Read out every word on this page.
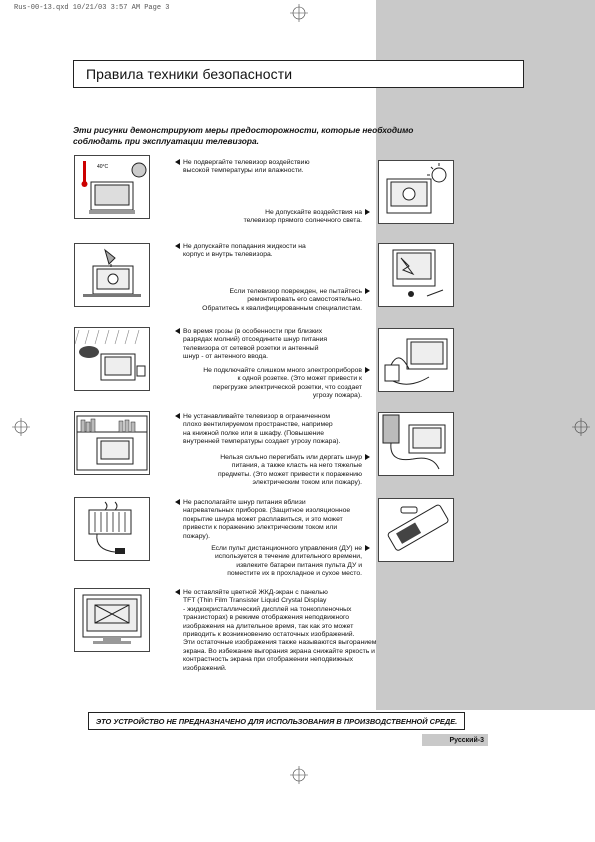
Rus-00-13.qxd 10/21/03 3:57 AM Page 3
Правила техники безопасности
Эти рисунки демонстрируют меры предосторожности, которые необходимо соблюдать при эксплуатации телевизора.
40°C
Не подвергайте телевизор воздействию
высокой температуры или влажности.
Не допускайте воздействия на
телевизор прямого солнечного света.
Не допускайте попадания жидкости на
корпус и внутрь телевизора.
Если телевизор поврежден, не пытайтесь
ремонтировать его самостоятельно.
Обратитесь к квалифицированным специалистам.
Во время грозы (в особенности при близких
разрядах молний) отсоедините шнур питания
телевизора от сетевой розетки и антенный
шнур - от антенного ввода.
Не подключайте слишком много электроприборов
к одной розетке. (Это может привести к
перегрузке электрической розетки, что создает
угрозу пожара).
Не устанавливайте телевизор в ограниченном
плохо вентилируемом пространстве, например
на книжной полке или в шкафу. (Повышение
внутренней температуры создает угрозу пожара).
Нельзя сильно перегибать или дергать шнур
питания, а также класть на него тяжелые
предметы. (Это может привести к поражению
электрическим током или пожару).
Не располагайте шнур питания вблизи
нагревательных приборов. (Защитное изоляционное
покрытие шнура может расплавиться, и это может
привести к поражению электрическим током или
пожару).
Если пульт дистанционного управления (ДУ) не
используется в течение длительного времени,
извлеките батареи питания пульта ДУ и
поместите их в прохладное и сухое место.
Не оставляйте цветной ЖКД-экран с панелью
TFT (Thin Film Transister Liquid Crystal Display
- жидкокристаллический дисплей на тонкопленочных
транзисторах) в режиме отображения неподвижного
изображения на длительное время, так как это может
приводить к возникновению остаточных изображений.
Эти остаточные изображения также называются выгоранием
экрана. Во избежание выгорания экрана снижайте яркость и
контрастность экрана при отображении неподвижных
изображений.
ЭТО УСТРОЙСТВО НЕ ПРЕДНАЗНАЧЕНО ДЛЯ ИСПОЛЬЗОВАНИЯ В ПРОИЗВОДСТВЕННОЙ СРЕДЕ.
Русский-3
